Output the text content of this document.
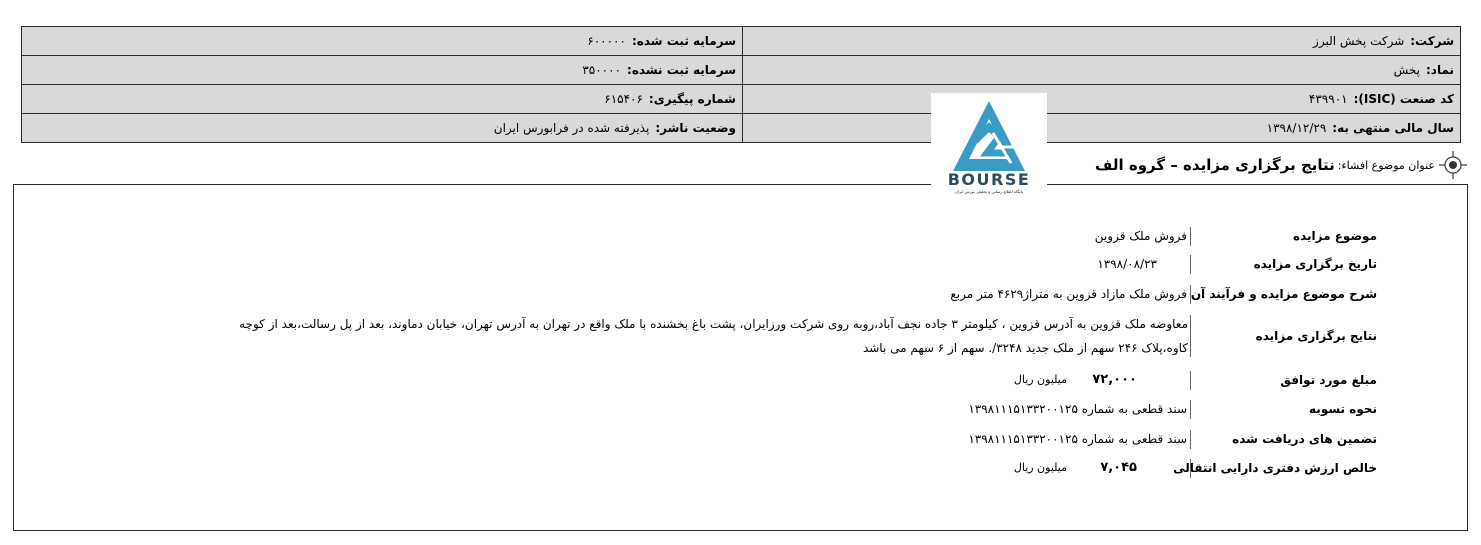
شرکت:شرکت پخش البرز
سرمایه ثبت شده:۶۰۰۰۰۰
نماد:پخش
سرمایه ثبت نشده:۳۵۰۰۰۰
کد صنعت (ISIC):۴۳۹۹۰۱
شماره پیگیری:۶۱۵۴۰۶
سال مالی منتهی به:۱۳۹۸/۱۲/۲۹
وضعیت ناشر:پذیرفته شده در فرابورس ایران
عنوان موضوع افشاء:
نتایج برگزاری مزایده – گروه الف
موضوع مزایده
فروش ملک قزوین
تاریخ برگزاری مزایده
۱۳۹۸/۰۸/۲۳
شرح موضوع مزایده و فرآیند آن
فروش ملک مازاد قزوین به متراژ۴۶۲۹ متر مربع
نتایج برگزاری مزایده
معاوضه ملک قزوین به آدرس قزوین ، کیلومتر ۳ جاده نجف آباد،روبه روی شرکت ورزایران، پشت باغ بخشنده با ملک واقع در تهران به آدرس تهران، خیابان دماوند، بعد از پل رسالت،بعد از کوچه
کاوه،پلاک ۲۴۶ سهم از ملک جدید ۳۲۴۸/. سهم از ۶ سهم می باشد
مبلغ مورد توافق
۷۲,۰۰۰
میلیون ریال
نحوه تسویه
سند قطعی به شماره ۱۳۹۸۱۱۱۵۱۳۳۲۰۰۱۲۵
تضمین های دریافت شده
سند قطعی به شماره ۱۳۹۸۱۱۱۵۱۳۳۲۰۰۱۲۵
خالص ارزش دفتری دارایی انتقالی
۷,۰۴۵
میلیون ریال
BOURSE
پایگاه اطلاع رسانی و تحلیلی بورس ایران
